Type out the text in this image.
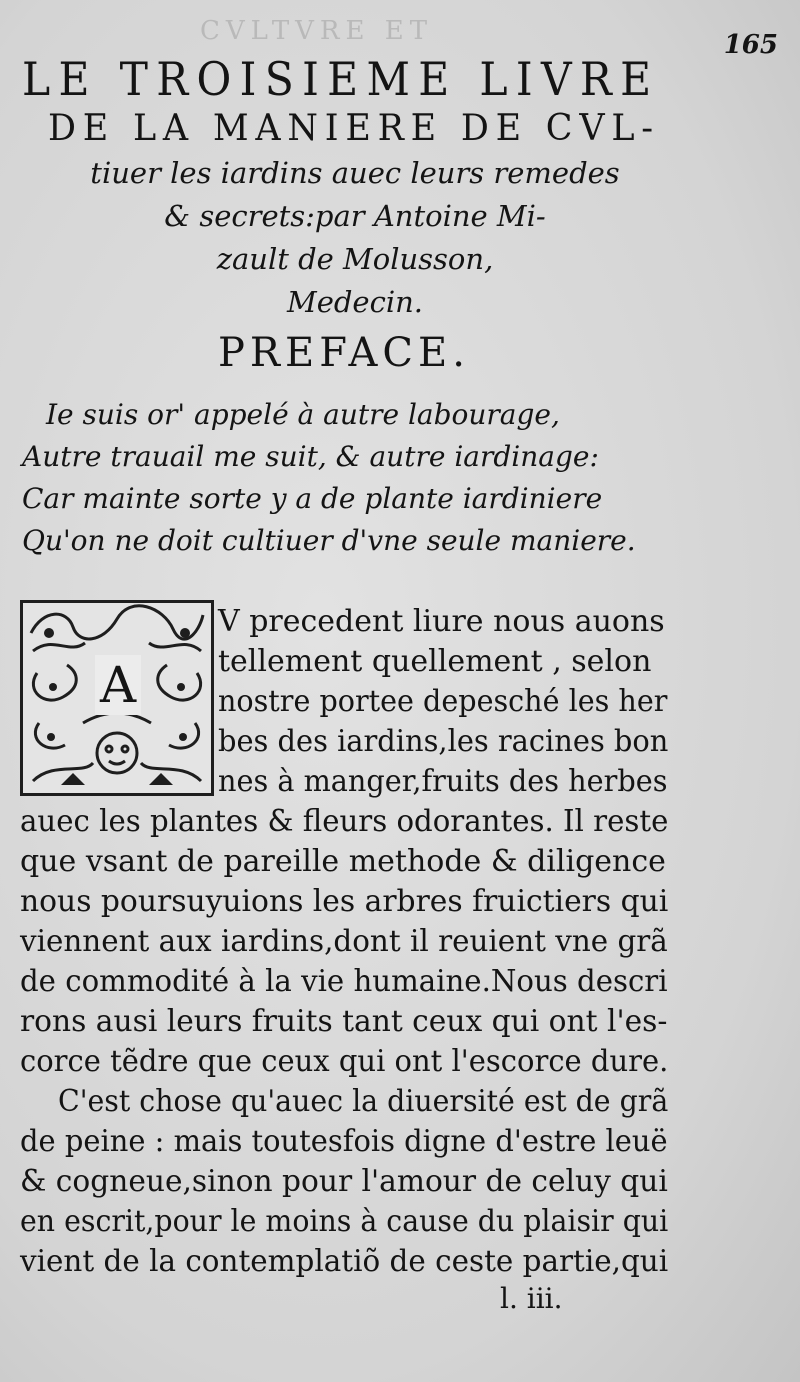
CVLTVRE ET	165
LE TROISIEME LIVRE
DE LA MANIERE DE CVL-
tiuer les iardins auec leurs remedes
& secrets:par Antoine Mi-
zault de Molusson,
Medecin.
PREFACE.
Ie suis or' appelé à autre labourage,
Autre trauail me suit, & autre iardinage:
Car mainte sorte y a de plante iardiniere
Qu'on ne doit cultiuer d'vne seule maniere.
A
V precedent liure nous auons
tellement quellement , selon
nostre portee depesché les her
bes des iardins,les racines bon
nes à manger,fruits des herbes
auec les plantes & fleurs odorantes. Il reste
que vsant de pareille methode & diligence
nous poursuyuions les arbres fruictiers qui
viennent aux iardins,dont il reuient vne grã
de commodité à la vie humaine.Nous descri
rons ausi leurs fruits tant ceux qui ont l'es-
corce tẽdre que ceux qui ont l'escorce dure.
C'est chose qu'auec la diuersité est de grã
de peine : mais toutesfois digne d'estre leuë
& cogneue,sinon pour l'amour de celuy qui
en escrit,pour le moins à cause du plaisir qui
vient de la contemplatiõ de ceste partie,qui
l. iii.
